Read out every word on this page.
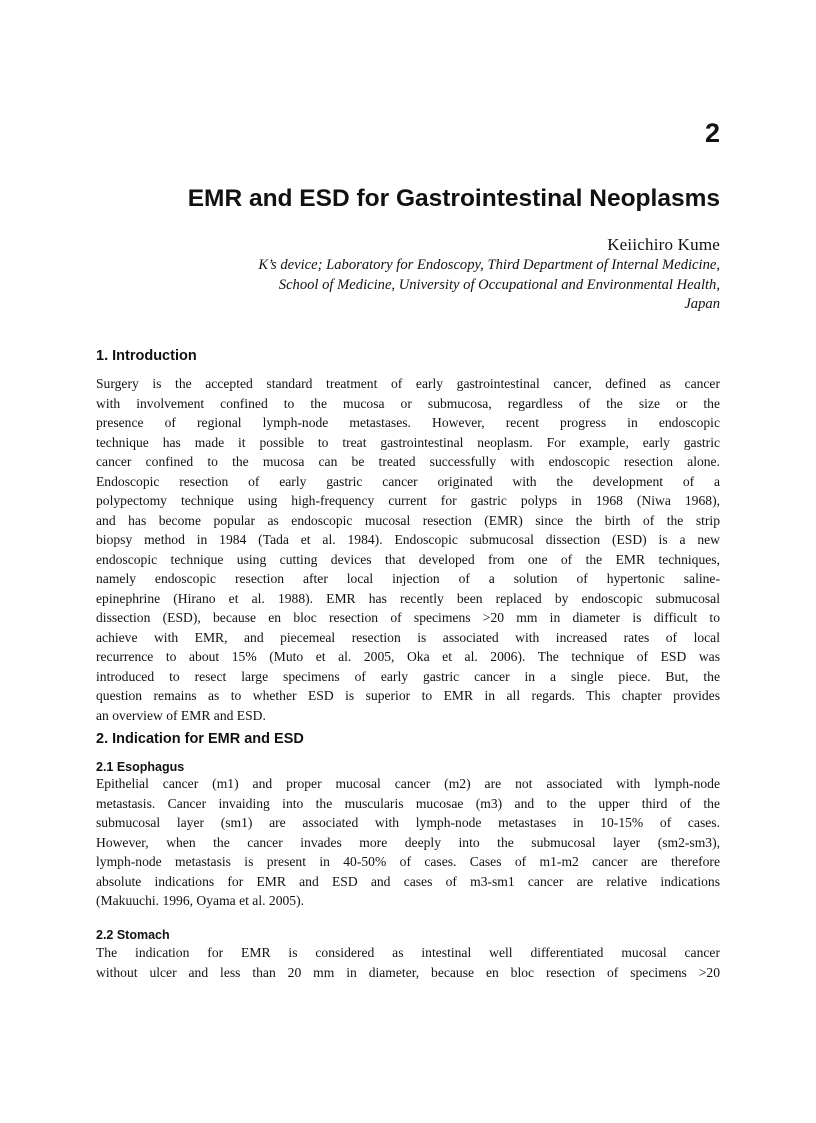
2
EMR and ESD for Gastrointestinal Neoplasms
Keiichiro Kume
K’s device; Laboratory for Endoscopy, Third Department of Internal Medicine,
School of Medicine, University of Occupational and Environmental Health,
Japan
1. Introduction
Surgery is the accepted standard treatment of early gastrointestinal cancer, defined as cancer
with involvement confined to the mucosa or submucosa, regardless of the size or the
presence of regional lymph-node metastases. However, recent progress in endoscopic
technique has made it possible to treat gastrointestinal neoplasm. For example, early gastric
cancer confined to the mucosa can be treated successfully with endoscopic resection alone.
Endoscopic resection of early gastric cancer originated with the development of a
polypectomy technique using high-frequency current for gastric polyps in 1968 (Niwa 1968),
and has become popular as endoscopic mucosal resection (EMR) since the birth of the strip
biopsy method in 1984 (Tada et al. 1984). Endoscopic submucosal dissection (ESD) is a new
endoscopic technique using cutting devices that developed from one of the EMR techniques,
namely endoscopic resection after local injection of a solution of hypertonic saline-
epinephrine (Hirano et al. 1988). EMR has recently been replaced by endoscopic submucosal
dissection (ESD), because en bloc resection of specimens >20 mm in diameter is difficult to
achieve with EMR, and piecemeal resection is associated with increased rates of local
recurrence to about 15% (Muto et al. 2005, Oka et al. 2006). The technique of ESD was
introduced to resect large specimens of early gastric cancer in a single piece. But, the
question remains as to whether ESD is superior to EMR in all regards. This chapter provides
an overview of EMR and ESD.
2. Indication for EMR and ESD
2.1 Esophagus
Epithelial cancer (m1) and proper mucosal cancer (m2) are not associated with lymph-node
metastasis. Cancer invaiding into the muscularis mucosae (m3) and to the upper third of the
submucosal layer (sm1) are associated with lymph-node metastases in 10-15% of cases.
However, when the cancer invades more deeply into the submucosal layer (sm2-sm3),
lymph-node metastasis is present in 40-50% of cases. Cases of m1-m2 cancer are therefore
absolute indications for EMR and ESD and cases of m3-sm1 cancer are relative indications
(Makuuchi. 1996, Oyama et al. 2005).
2.2 Stomach
The indication for EMR is considered as intestinal well differentiated mucosal cancer
without ulcer and less than 20 mm in diameter, because en bloc resection of specimens >20
